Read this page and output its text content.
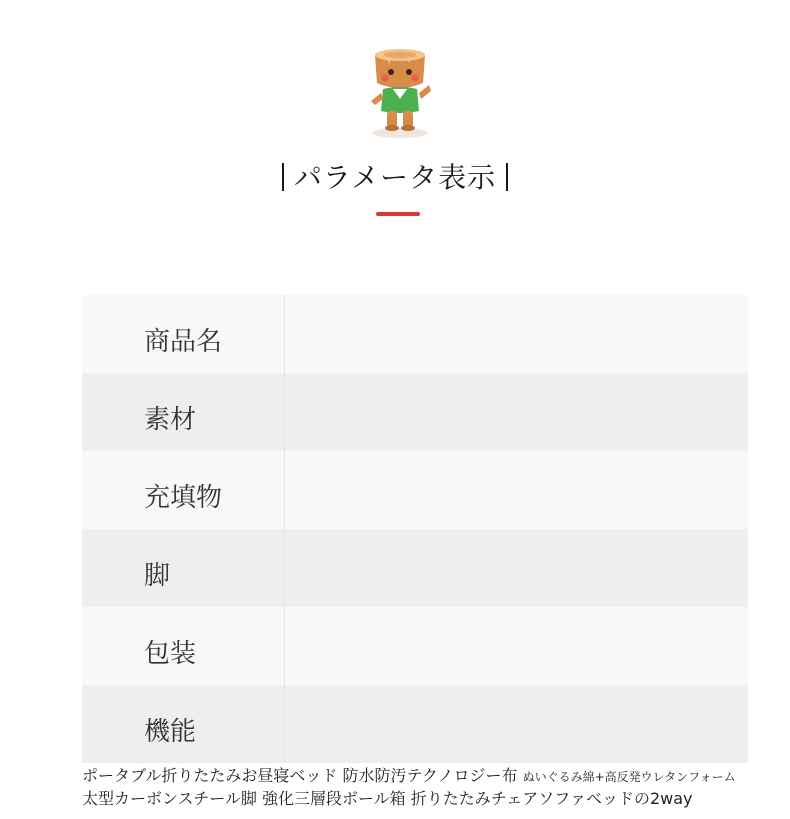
パラメータ表示
商品名
素材
充填物
脚
包装
機能
ポータブル折りたたみお昼寝ベッド 防水防汚テクノロジー布 ぬいぐるみ綿+高反発ウレタンフォーム 太型カーボンスチール脚 強化三層段ボール箱 折りたたみチェアソファベッドの2way
